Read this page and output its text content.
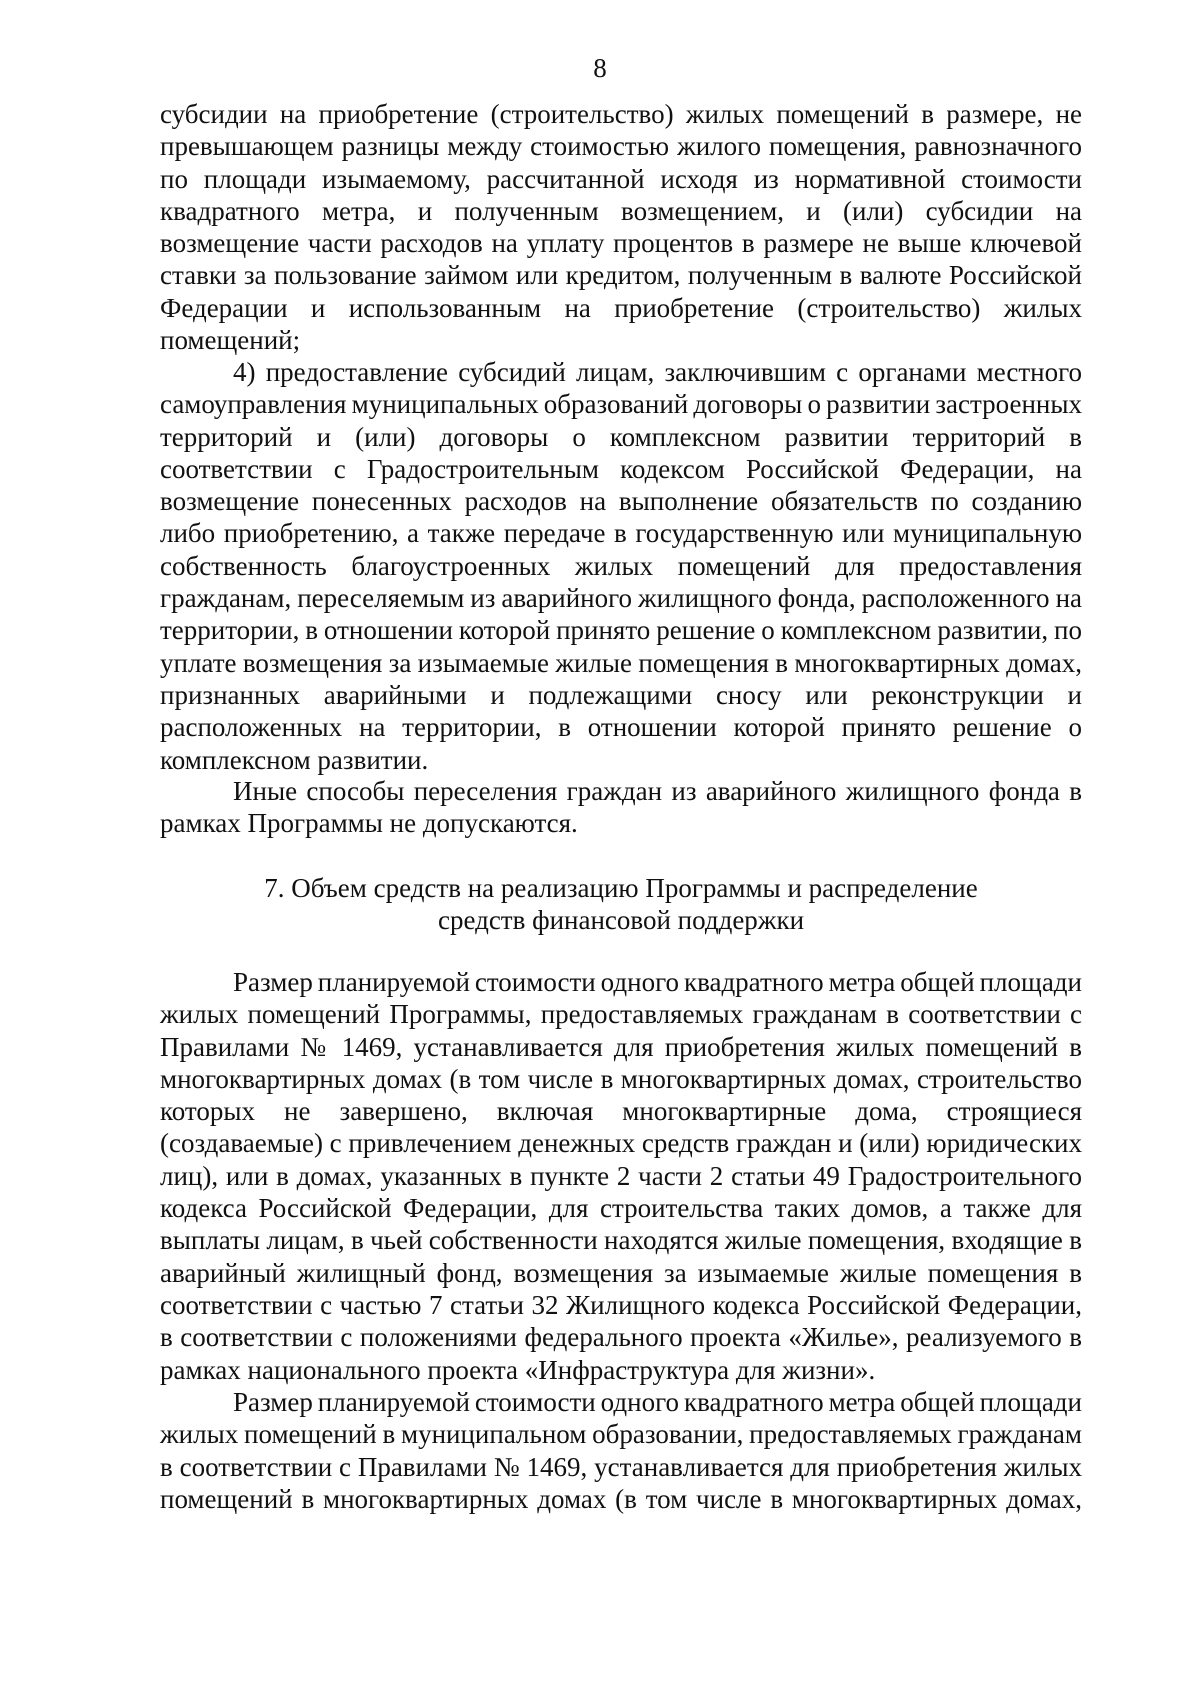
8
субсидии на приобретение (строительство) жилых помещений в размере, не
превышающем разницы между стоимостью жилого помещения, равнозначного
по площади изымаемому, рассчитанной исходя из нормативной стоимости
квадратного метра, и полученным возмещением, и (или) субсидии на
возмещение части расходов на уплату процентов в размере не выше ключевой
ставки за пользование займом или кредитом, полученным в валюте Российской
Федерации и использованным на приобретение (строительство) жилых
помещений;
4) предоставление субсидий лицам, заключившим с органами местного
самоуправления муниципальных образований договоры о развитии застроенных
территорий и (или) договоры о комплексном развитии территорий в
соответствии с Градостроительным кодексом Российской Федерации, на
возмещение понесенных расходов на выполнение обязательств по созданию
либо приобретению, а также передаче в государственную или муниципальную
собственность благоустроенных жилых помещений для предоставления
гражданам, переселяемым из аварийного жилищного фонда, расположенного на
территории, в отношении которой принято решение о комплексном развитии, по
уплате возмещения за изымаемые жилые помещения в многоквартирных домах,
признанных аварийными и подлежащими сносу или реконструкции и
расположенных на территории, в отношении которой принято решение о
комплексном развитии.
Иные способы переселения граждан из аварийного жилищного фонда в
рамках Программы не допускаются.
7. Объем средств на реализацию Программы и распределение
средств финансовой поддержки
Размер планируемой стоимости одного квадратного метра общей площади
жилых помещений Программы, предоставляемых гражданам в соответствии с
Правилами № 1469, устанавливается для приобретения жилых помещений в
многоквартирных домах (в том числе в многоквартирных домах, строительство
которых не завершено, включая многоквартирные дома, строящиеся
(создаваемые) с привлечением денежных средств граждан и (или) юридических
лиц), или в домах, указанных в пункте 2 части 2 статьи 49 Градостроительного
кодекса Российской Федерации, для строительства таких домов, а также для
выплаты лицам, в чьей собственности находятся жилые помещения, входящие в
аварийный жилищный фонд, возмещения за изымаемые жилые помещения в
соответствии с частью 7 статьи 32 Жилищного кодекса Российской Федерации,
в соответствии с положениями федерального проекта «Жилье», реализуемого в
рамках национального проекта «Инфраструктура для жизни».
Размер планируемой стоимости одного квадратного метра общей площади
жилых помещений в муниципальном образовании, предоставляемых гражданам
в соответствии с Правилами № 1469, устанавливается для приобретения жилых
помещений в многоквартирных домах (в том числе в многоквартирных домах,
